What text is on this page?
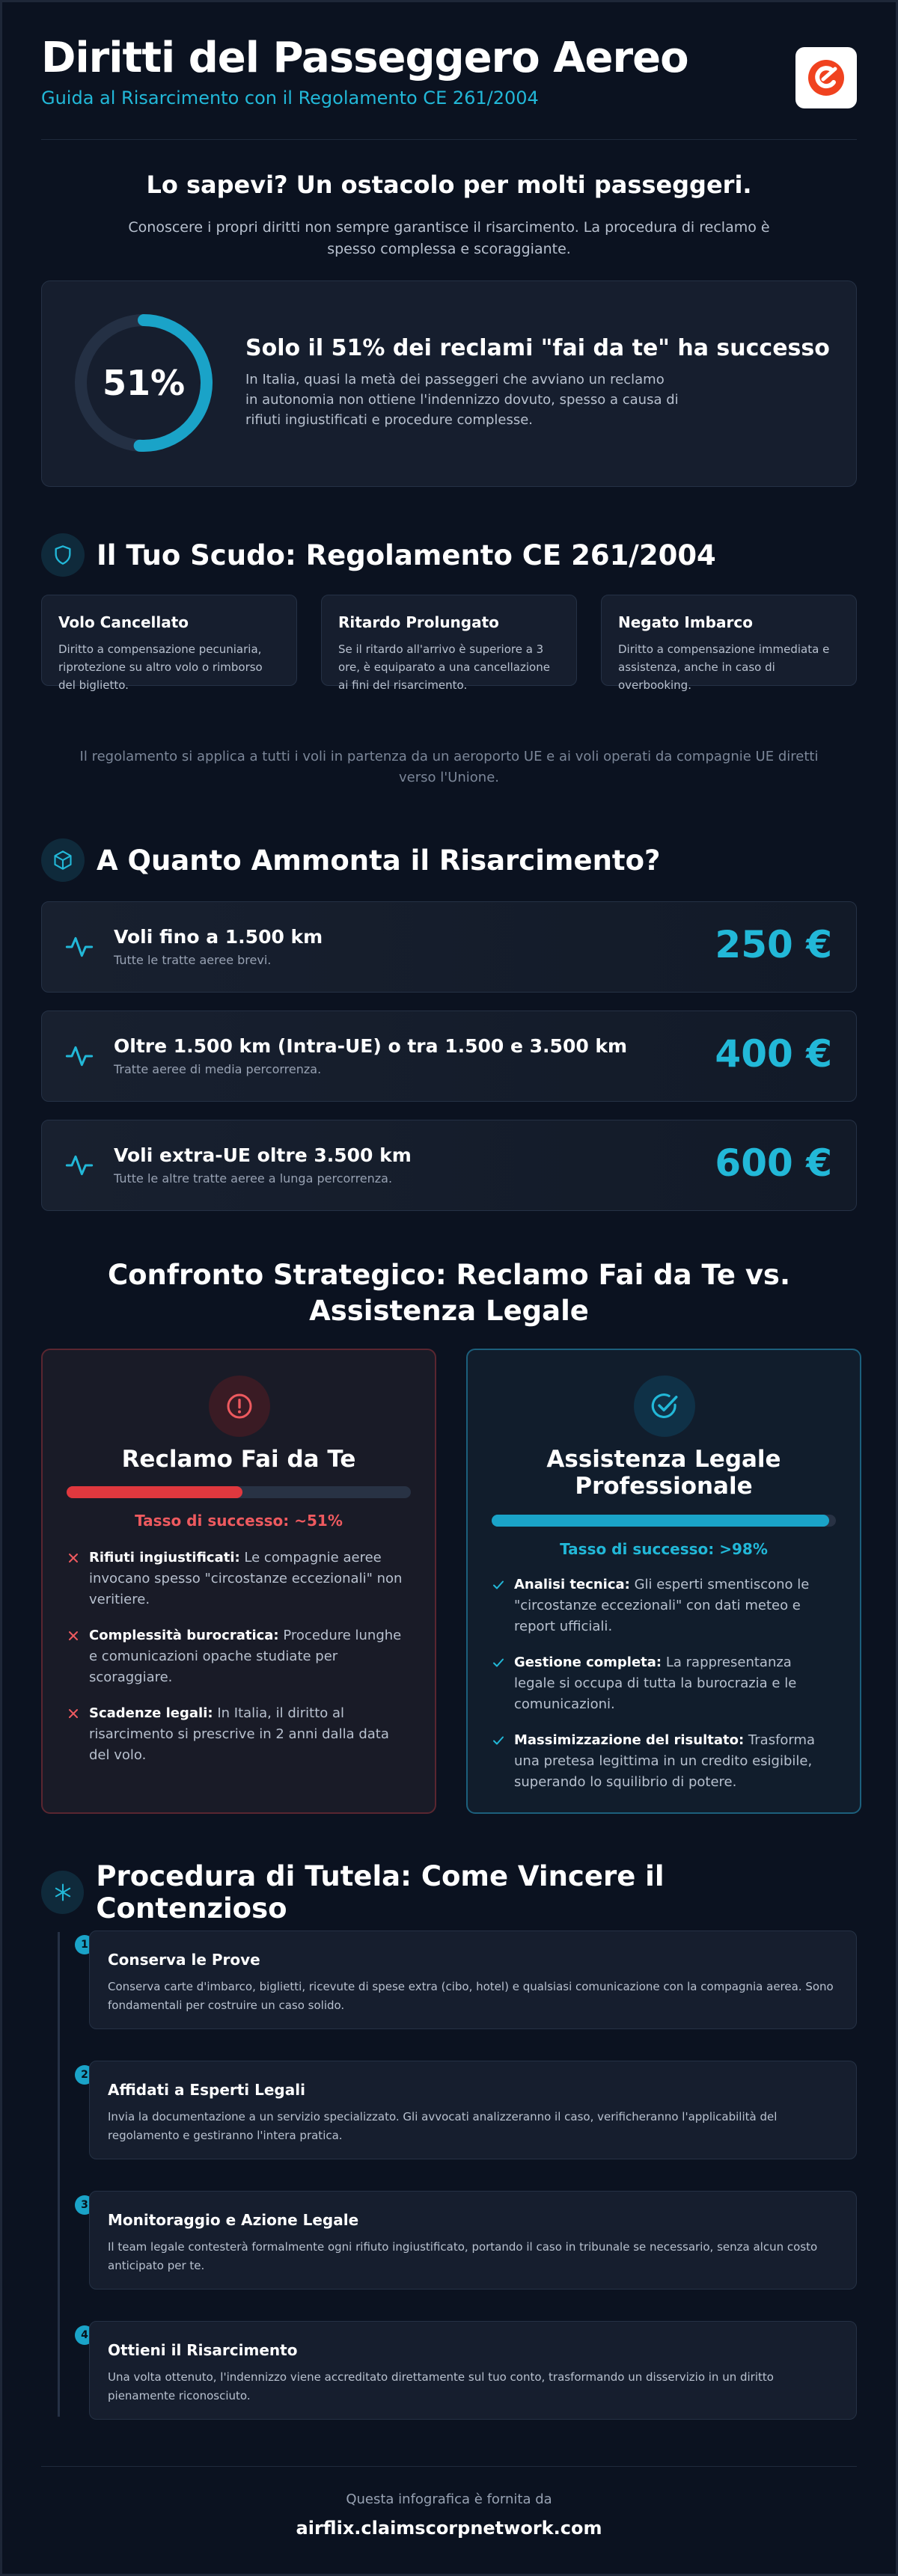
Diritti del Passeggero Aereo
Guida al Risarcimento con il Regolamento CE 261/2004
Lo sapevi? Un ostacolo per molti passeggeri.
Conoscere i propri diritti non sempre garantisce il risarcimento. La procedura di reclamo è spesso complessa e scoraggiante.
51%
Solo il 51% dei reclami "fai da te" ha successo
In Italia, quasi la metà dei passeggeri che avviano un reclamo in autonomia non ottiene l'indennizzo dovuto, spesso a causa di rifiuti ingiustificati e procedure complesse.
Il Tuo Scudo: Regolamento CE 261/2004
Volo Cancellato
Diritto a compensazione pecuniaria, riprotezione su altro volo o rimborso del biglietto.
Ritardo Prolungato
Se il ritardo all'arrivo è superiore a 3 ore, è equiparato a una cancellazione ai fini del risarcimento.
Negato Imbarco
Diritto a compensazione immediata e assistenza, anche in caso di overbooking.
Il regolamento si applica a tutti i voli in partenza da un aeroporto UE e ai voli operati da compagnie UE diretti verso l'Unione.
A Quanto Ammonta il Risarcimento?
Voli fino a 1.500 km
Tutte le tratte aeree brevi.	250 €
Oltre 1.500 km (Intra-UE) o tra 1.500 e 3.500 km
Tratte aeree di media percorrenza.	400 €
Voli extra-UE oltre 3.500 km
Tutte le altre tratte aeree a lunga percorrenza.	600 €
Confronto Strategico: Reclamo Fai da Te vs. Assistenza Legale
Reclamo Fai da Te
Tasso di successo: ~51%
Rifiuti ingiustificati: Le compagnie aeree invocano spesso "circostanze eccezionali" non veritiere.
Complessità burocratica: Procedure lunghe e comunicazioni opache studiate per scoraggiare.
Scadenze legali: In Italia, il diritto al risarcimento si prescrive in 2 anni dalla data del volo.
Assistenza Legale Professionale
Tasso di successo: >98%
Analisi tecnica: Gli esperti smentiscono le "circostanze eccezionali" con dati meteo e report ufficiali.
Gestione completa: La rappresentanza legale si occupa di tutta la burocrazia e le comunicazioni.
Massimizzazione del risultato: Trasforma una pretesa legittima in un credito esigibile, superando lo squilibrio di potere.
Procedura di Tutela: Come Vincere il Contenzioso
1
Conserva le Prove
Conserva carte d'imbarco, biglietti, ricevute di spese extra (cibo, hotel) e qualsiasi comunicazione con la compagnia aerea. Sono fondamentali per costruire un caso solido.
2
Affidati a Esperti Legali
Invia la documentazione a un servizio specializzato. Gli avvocati analizzeranno il caso, verificheranno l'applicabilità del regolamento e gestiranno l'intera pratica.
3
Monitoraggio e Azione Legale
Il team legale contesterà formalmente ogni rifiuto ingiustificato, portando il caso in tribunale se necessario, senza alcun costo anticipato per te.
4
Ottieni il Risarcimento
Una volta ottenuto, l'indennizzo viene accreditato direttamente sul tuo conto, trasformando un disservizio in un diritto pienamente riconosciuto.
Questa infografica è fornita da
airflix.claimscorpnetwork.com
